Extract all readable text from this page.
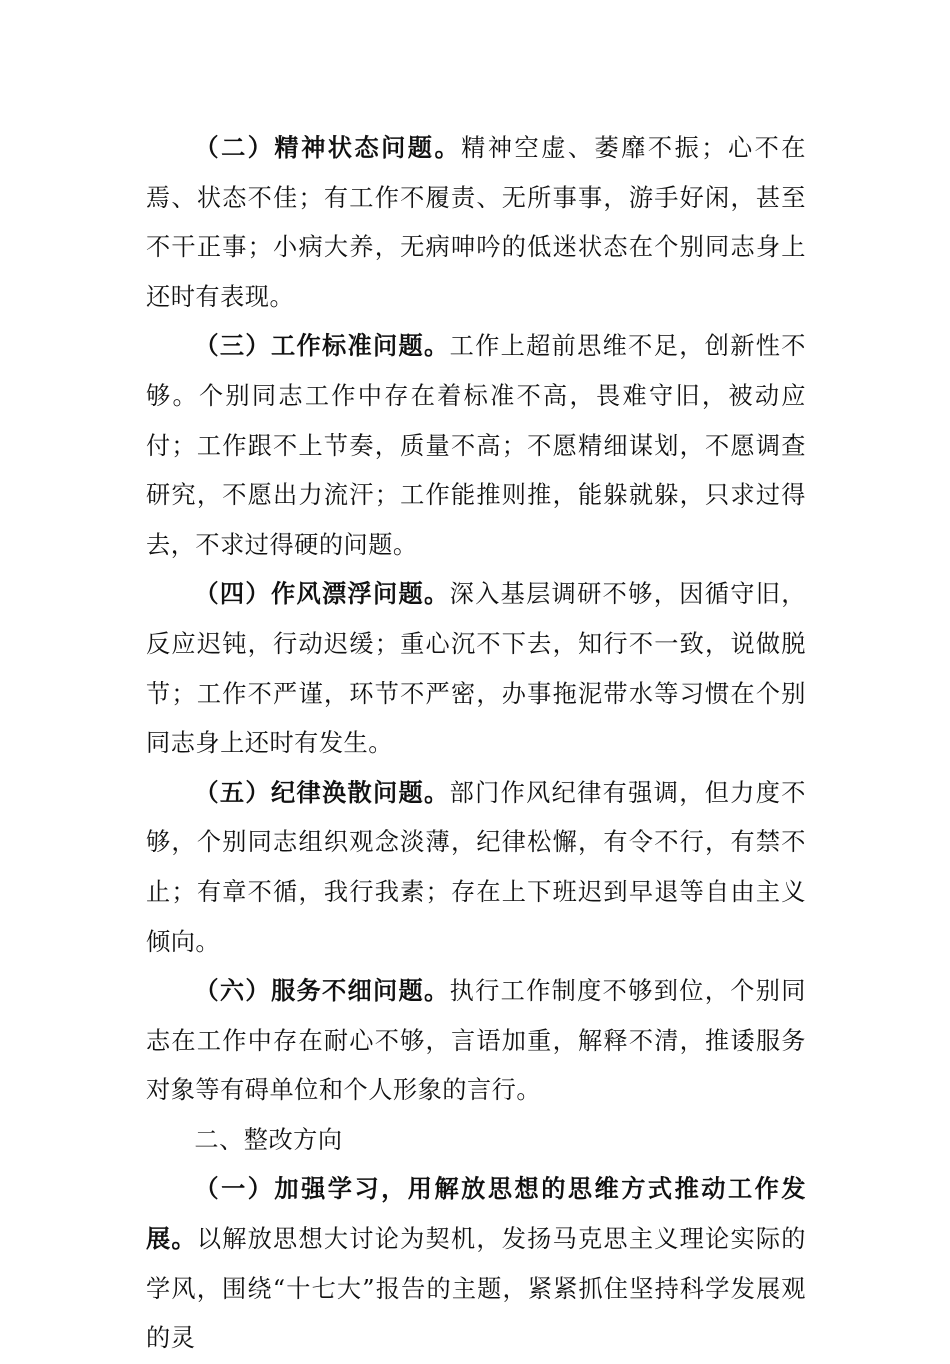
（二）精神状态问题。精神空虚、萎靡不振；心不在焉、状态不佳；有工作不履责、无所事事，游手好闲，甚至不干正事；小病大养，无病呻吟的低迷状态在个别同志身上还时有表现。

（三）工作标准问题。工作上超前思维不足，创新性不够。个别同志工作中存在着标准不高，畏难守旧，被动应付；工作跟不上节奏，质量不高；不愿精细谋划，不愿调查研究，不愿出力流汗；工作能推则推，能躲就躲，只求过得去，不求过得硬的问题。

（四）作风漂浮问题。深入基层调研不够，因循守旧，反应迟钝，行动迟缓；重心沉不下去，知行不一致，说做脱节；工作不严谨，环节不严密，办事拖泥带水等习惯在个别同志身上还时有发生。

（五）纪律涣散问题。部门作风纪律有强调，但力度不够，个别同志组织观念淡薄，纪律松懈，有令不行，有禁不止；有章不循，我行我素；存在上下班迟到早退等自由主义倾向。

（六）服务不细问题。执行工作制度不够到位，个别同志在工作中存在耐心不够，言语加重，解释不清，推诿服务对象等有碍单位和个人形象的言行。

二、整改方向

（一）加强学习，用解放思想的思维方式推动工作发展。以解放思想大讨论为契机，发扬马克思主义理论实际的学风，围绕“十七大”报告的主题，紧紧抓住坚持科学发展观的灵
